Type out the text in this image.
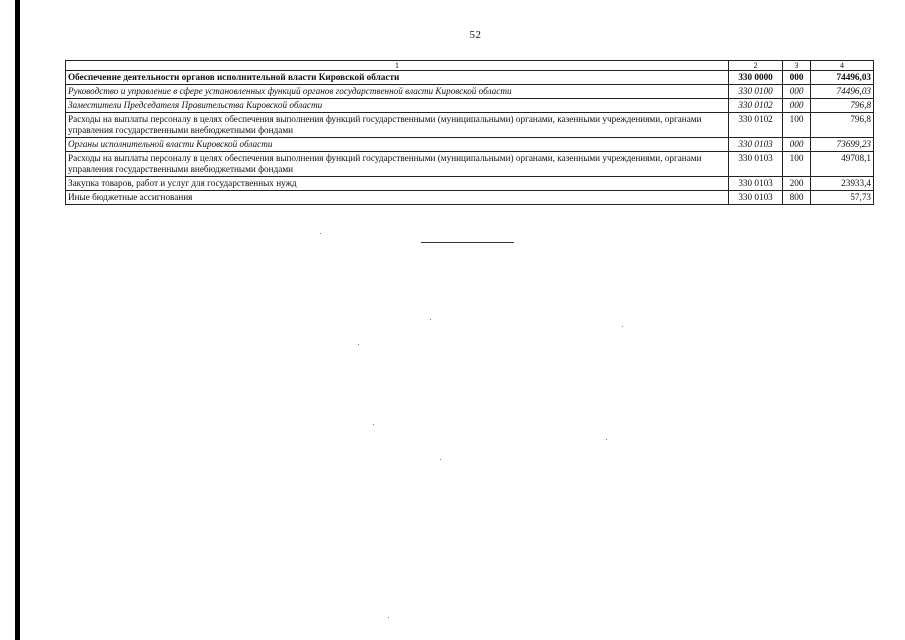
52
1	2	3	4
Обеспечение деятельности органов исполнительной власти Кировской области	330 0000	000	74496,03
Руководство и управление в сфере установленных функций органов государственной власти Кировской области	330 0100	000	74496,03
Заместители Председателя Правительства Кировской области	330 0102	000	796,8
Расходы на выплаты персоналу в целях обеспечения выполнения функций государственными (муниципальными) органами, казенными учреждениями, органами управления государственными внебюджетными фондами	330 0102	100	796,8
Органы исполнительной власти Кировской области	330 0103	000	73699,23
Расходы на выплаты персоналу в целях обеспечения выполнения функций государственными (муниципальными) органами, казенными учреждениями, органами управления государственными внебюджетными фондами	330 0103	100	49708,1
Закупка товаров, работ и услуг для государственных нужд	330 0103	200	23933,4
Иные бюджетные ассигнования	330 0103	800	57,73
